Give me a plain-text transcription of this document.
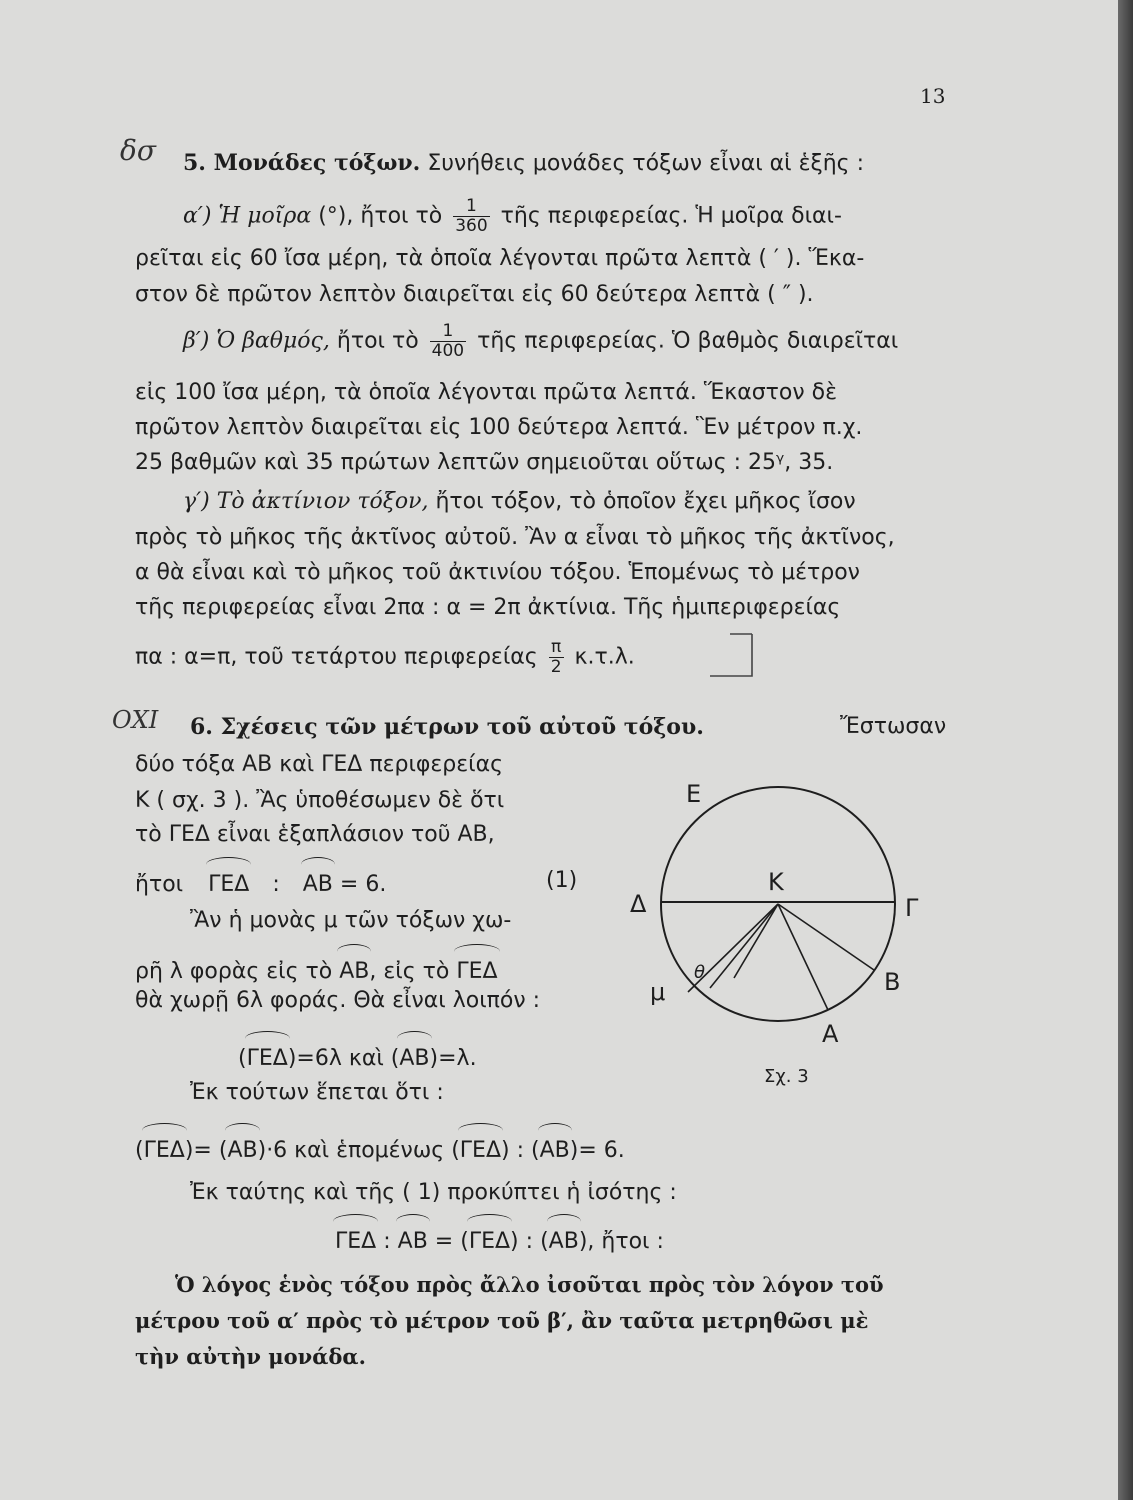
13
δσ
ΟΧΙ
5. Μονάδες τόξων. Συνήθεις μονάδες τόξων εἶναι αἱ ἑξῆς :
α′) Ἡ μοῖρα (°), ἤτοι τὸ $\frac{1}{360}$ τῆς περιφερείας. Ἡ μοῖρα διαι-
ρεῖται εἰς 60 ἴσα μέρη, τὰ ὁποῖα λέγονται πρῶτα λεπτὰ ( ′ ). Ἕκα-
στον δὲ πρῶτον λεπτὸν διαιρεῖται εἰς 60 δεύτερα λεπτὰ ( ″ ).
β′) Ὁ βαθμός, ἤτοι τὸ $\frac{1}{400}$ τῆς περιφερείας. Ὁ βαθμὸς διαιρεῖται
εἰς 100 ἴσα μέρη, τὰ ὁποῖα λέγονται πρῶτα λεπτά. Ἕκαστον δὲ
πρῶτον λεπτὸν διαιρεῖται εἰς 100 δεύτερα λεπτά. Ἓν μέτρον π.χ.
25 βαθμῶν καὶ 35 πρώτων λεπτῶν σημειοῦται οὕτως : 25ᵞ, 35.
γ′) Τὸ ἀκτίνιον τόξον, ἤτοι τόξον, τὸ ὁποῖον ἔχει μῆκος ἴσον
πρὸς τὸ μῆκος τῆς ἀκτῖνος αὐτοῦ. Ἂν α εἶναι τὸ μῆκος τῆς ἀκτῖνος,
α θὰ εἶναι καὶ τὸ μῆκος τοῦ ἀκτινίου τόξου. Ἑπομένως τὸ μέτρον
τῆς περιφερείας εἶναι 2πα : α = 2π ἀκτίνια. Τῆς ἡμιπεριφερείας
πα : α=π, τοῦ τετάρτου περιφερείας $\frac{\pi}{2} \kappa.\tau.\lambda$.
6. Σχέσεις τῶν μέτρων τοῦ αὐτοῦ τόξου.	Ἔστωσαν
δύο τόξα ΑΒ καὶ ΓΕΔ περιφερείας
Κ ( σχ. 3 ). Ἂς ὑποθέσωμεν δὲ ὅτι
τὸ ΓΕΔ εἶναι ἑξαπλάσιον τοῦ ΑΒ,
ἤτοι ΓΕΔ : ΑΒ = 6.	(1)
Ἂν ἡ μονὰς μ τῶν τόξων χω-
ρῆ λ φορὰς εἰς τὸ ΑΒ, εἰς τὸ ΓΕΔ
θὰ χωρῇ 6λ φοράς. Θὰ εἶναι λοιπόν :
(ΓΕΔ)=6λ καὶ (ΑΒ)=λ.
Ἐκ τούτων ἕπεται ὅτι :
(ΓΕΔ)= (ΑΒ)·6 καὶ ἑπομένως (ΓΕΔ) : (ΑΒ)= 6.
Ἐκ ταύτης καὶ τῆς ( 1) προκύπτει ἡ ἰσότης :
ΓΕΔ : ΑΒ = (ΓΕΔ) : (ΑΒ), ἤτοι :
Ὁ λόγος ἑνὸς τόξου πρὸς ἄλλο ἰσοῦται πρὸς τὸν λόγον τοῦ
μέτρου τοῦ α′ πρὸς τὸ μέτρον τοῦ β′, ἂν ταῦτα μετρηθῶσι μὲ
τὴν αὐτὴν μονάδα.
Ε
Δ	Γ
Κ
Β
Α
μ
θ
Σχ. 3
